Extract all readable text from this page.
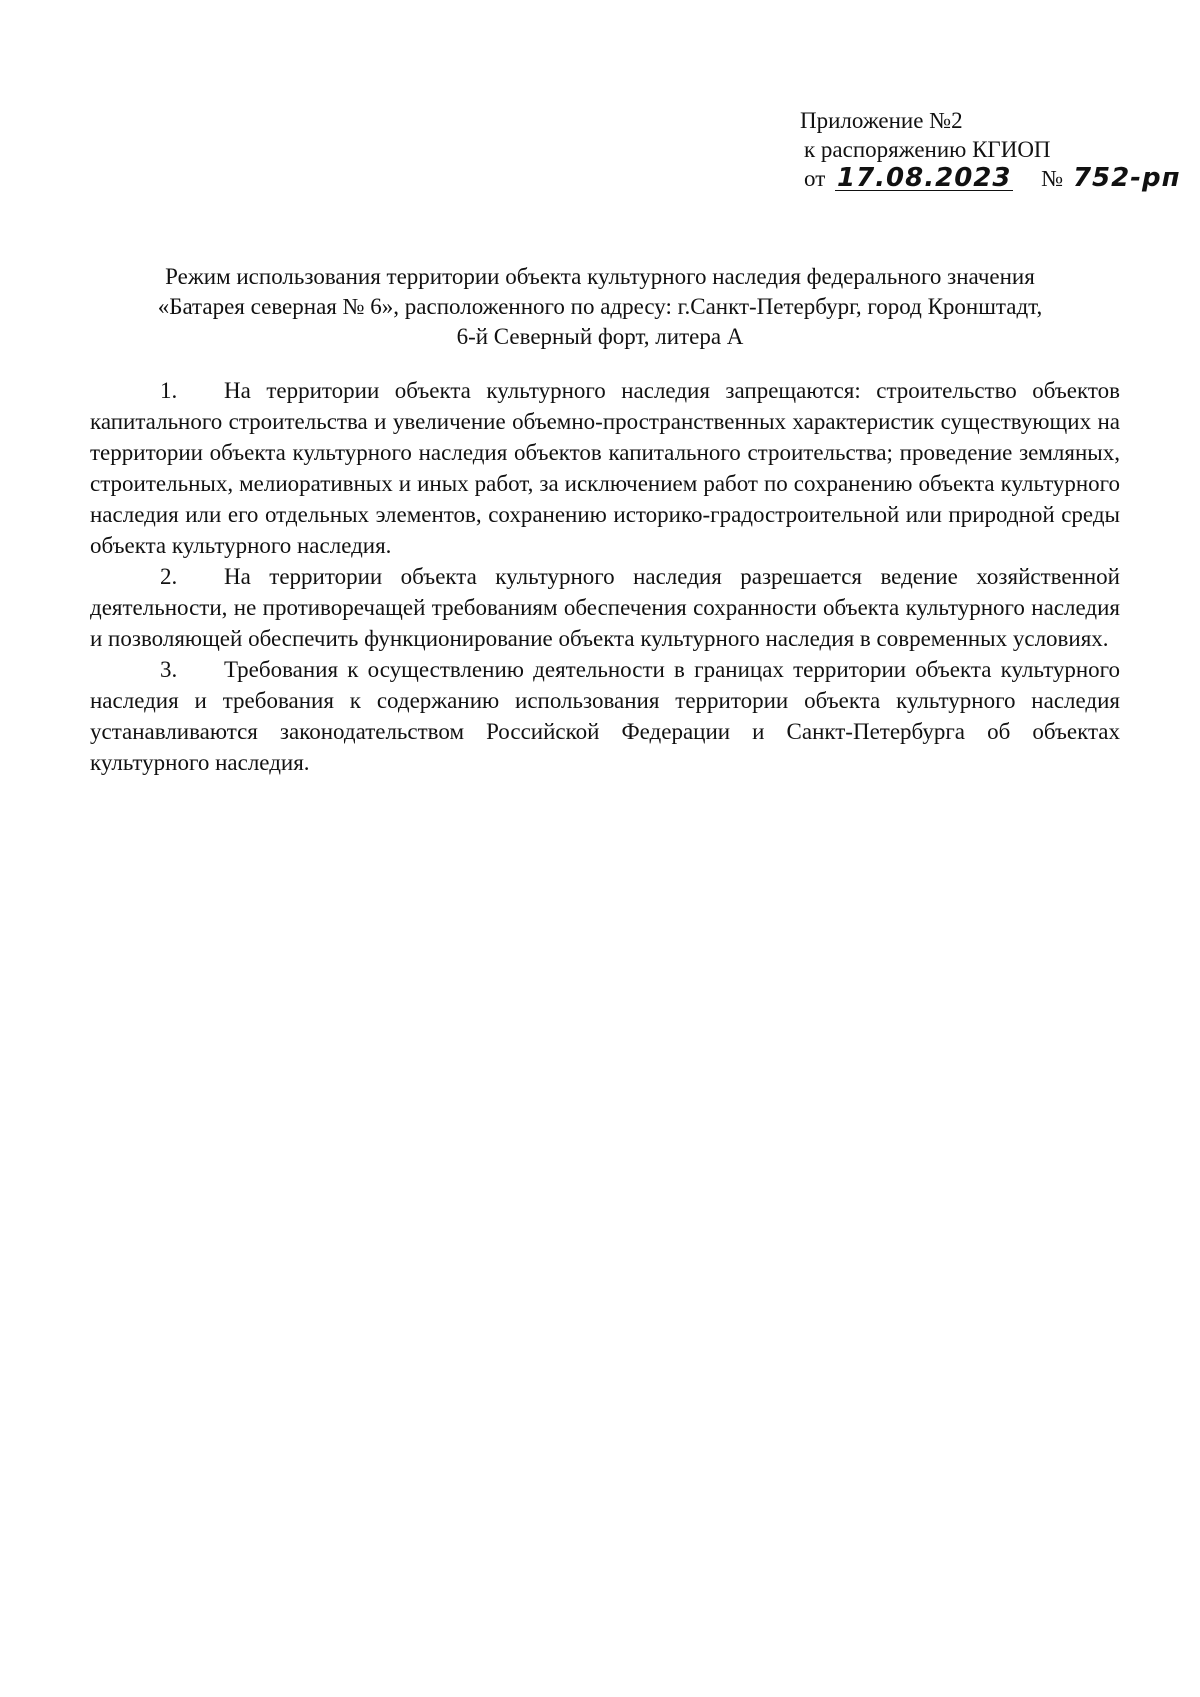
Приложение №2
к распоряжению КГИОП
от 17.08.2023 № 752-рп
Режим использования территории объекта культурного наследия федерального значения
«Батарея северная № 6», расположенного по адресу: г.Санкт-Петербург, город Кронштадт,
6-й Северный форт, литера А

1. На территории объекта культурного наследия запрещаются: строительство объектов капитального строительства и увеличение объемно-пространственных характеристик существующих на территории объекта культурного наследия объектов капитального строительства; проведение земляных, строительных, мелиоративных и иных работ, за исключением работ по сохранению объекта культурного наследия или его отдельных элементов, сохранению историко-градостроительной или природной среды объекта культурного наследия.

2. На территории объекта культурного наследия разрешается ведение хозяйственной деятельности, не противоречащей требованиям обеспечения сохранности объекта культурного наследия и позволяющей обеспечить функционирование объекта культурного наследия в современных условиях.

3. Требования к осуществлению деятельности в границах территории объекта культурного наследия и требования к содержанию использования территории объекта культурного наследия устанавливаются законодательством Российской Федерации и Санкт-Петербурга об объектах культурного наследия.
